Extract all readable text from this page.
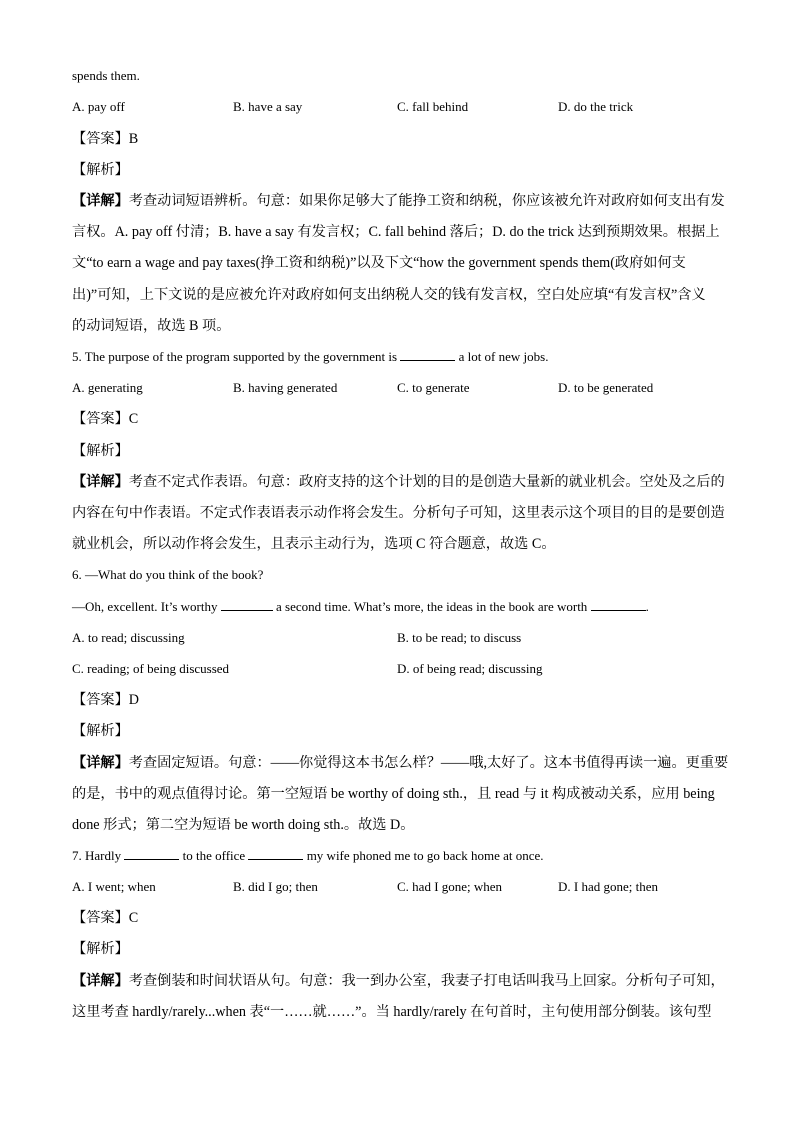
spends them.
A. pay off	B. have a say	C. fall behind	D. do the trick
【答案】B
【解析】
【详解】考查动词短语辨析。句意：如果你足够大了能挣工资和纳税，你应该被允许对政府如何支出有发
言权。A. pay off 付清；B. have a say 有发言权；C. fall behind 落后；D. do the trick 达到预期效果。根据上
文“to earn a wage and pay taxes(挣工资和纳税)”以及下文“how the government spends them(政府如何支
出)”可知，上下文说的是应被允许对政府如何支出纳税人交的钱有发言权，空白处应填“有发言权”含义
的动词短语，故选 B 项。
5. The purpose of the program supported by the government is	a lot of new jobs.
A. generating	B. having generated	C. to generate	D. to be generated
【答案】C
【解析】
【详解】考查不定式作表语。句意：政府支持的这个计划的目的是创造大量新的就业机会。空处及之后的
内容在句中作表语。不定式作表语表示动作将会发生。分析句子可知，这里表示这个项目的目的是要创造
就业机会，所以动作将会发生，且表示主动行为，选项 C 符合题意，故选 C。
6. —What do you think of the book?
—Oh, excellent. It’s worthy	a second time. What’s more, the ideas in the book are worth	.
A. to read; discussing	B. to be read; to discuss
C. reading; of being discussed	D. of being read; discussing
【答案】D
【解析】
【详解】考查固定短语。句意：——你觉得这本书怎么样？——哦,太好了。这本书值得再读一遍。更重要
的是，书中的观点值得讨论。第一空短语 be worthy of doing sth.，且 read 与 it 构成被动关系，应用 being
done 形式；第二空为短语 be worth doing sth.。故选 D。
7. Hardly	to the office	my wife phoned me to go back home at once.
A. I went; when	B. did I go; then	C. had I gone; when	D. I had gone; then
【答案】C
【解析】
【详解】考查倒装和时间状语从句。句意：我一到办公室，我妻子打电话叫我马上回家。分析句子可知，
这里考查 hardly/rarely...when 表“一……就……”。当 hardly/rarely 在句首时，主句使用部分倒装。该句型
